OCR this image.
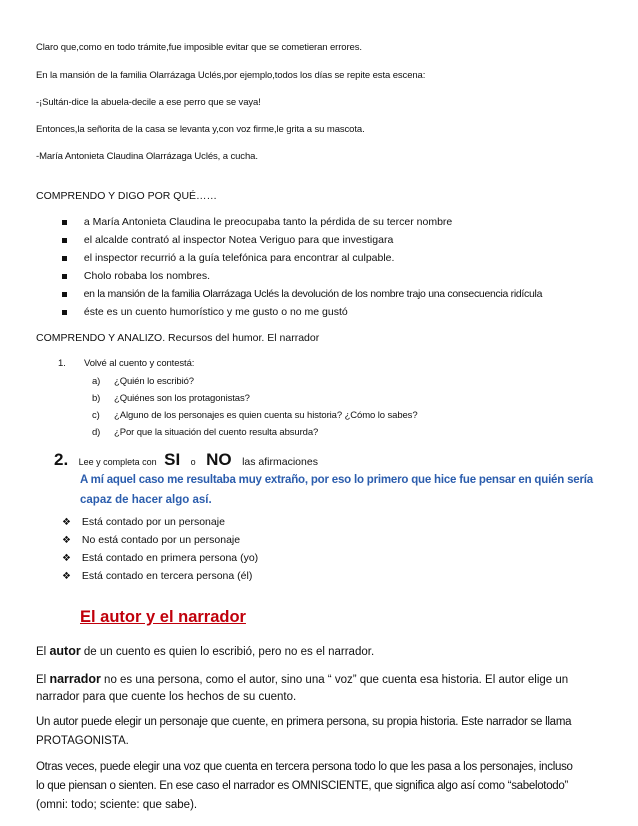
Claro que,como en todo trámite,fue imposible evitar que se cometieran errores.
En la mansión de la familia Olarrázaga Uclés,por ejemplo,todos los días se repite esta escena:
-¡Sultán-dice la abuela-decile a ese perro que se vaya!
Entonces,la señorita de la casa se levanta y,con voz firme,le grita a su mascota.
-María Antonieta Claudina Olarrázaga Uclés, a cucha.
COMPRENDO Y DIGO POR QUÉ……
a María Antonieta Claudina le preocupaba tanto la pérdida de su tercer nombre
el alcalde contrató al inspector Notea Veriguo para que investigara
el inspector recurrió a la guía telefónica para encontrar al culpable.
Cholo robaba los nombres.
en la mansión de la familia Olarrázaga Uclés la devolución de los nombre trajo una consecuencia ridícula
éste es un cuento humorístico y me gusto o no me gustó
COMPRENDO Y ANALIZO. Recursos del humor. El narrador
1. Volvé al cuento y contestá:
a) ¿Quién lo escribió?
b) ¿Quiénes son los protagonistas?
c) ¿Alguno de los personajes es quien cuenta su historia? ¿Cómo lo sabes?
d) ¿Por que la situación del cuento resulta absurda?
2. Lee y completa con SI o NO las afirmaciones
A mí aquel caso me resultaba muy extraño, por eso lo primero que hice fue pensar en quién sería
capaz de hacer algo así.
❖ Está contado por un personaje
❖ No está contado por un personaje
❖ Está contado en primera persona (yo)
❖ Está contado en tercera persona (él)
El autor y el narrador
El autor de un cuento es quien lo escribió, pero no es el narrador.
El narrador no es una persona, como el autor, sino una “ voz” que cuenta esa historia. El autor elige un
narrador para que cuente los hechos de su cuento.
Un autor puede elegir un personaje que cuente, en primera persona, su propia historia. Este narrador se llama
PROTAGONISTA.
Otras veces, puede elegir una voz que cuenta en tercera persona todo lo que les pasa a los personajes, incluso
lo que piensan o sienten. En ese caso el narrador es OMNISCIENTE, que significa algo así como “sabelotodo”
(omni: todo; sciente: que sabe).
